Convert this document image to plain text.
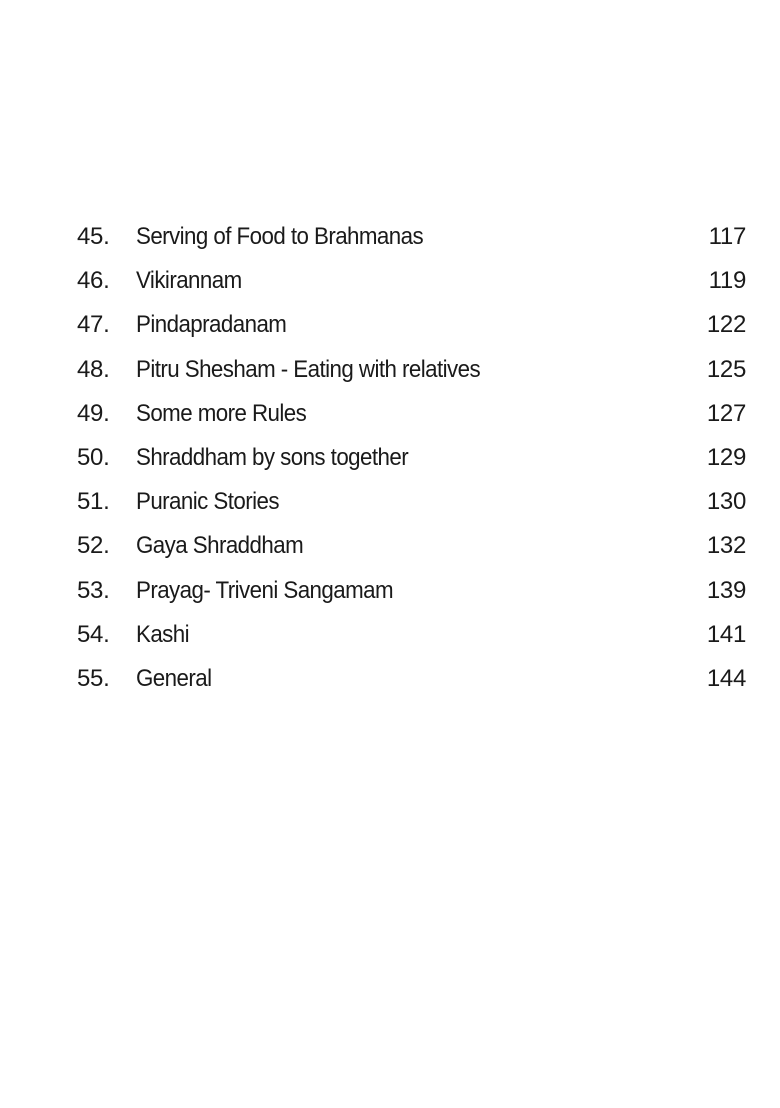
45. Serving of Food to Brahmanas	117
46. Vikirannam	119
47. Pindapradanam	122
48. Pitru Shesham - Eating with relatives	125
49. Some more Rules	127
50. Shraddham by sons together	129
51. Puranic Stories	130
52. Gaya Shraddham	132
53. Prayag- Triveni Sangamam	139
54. Kashi	141
55. General	144
